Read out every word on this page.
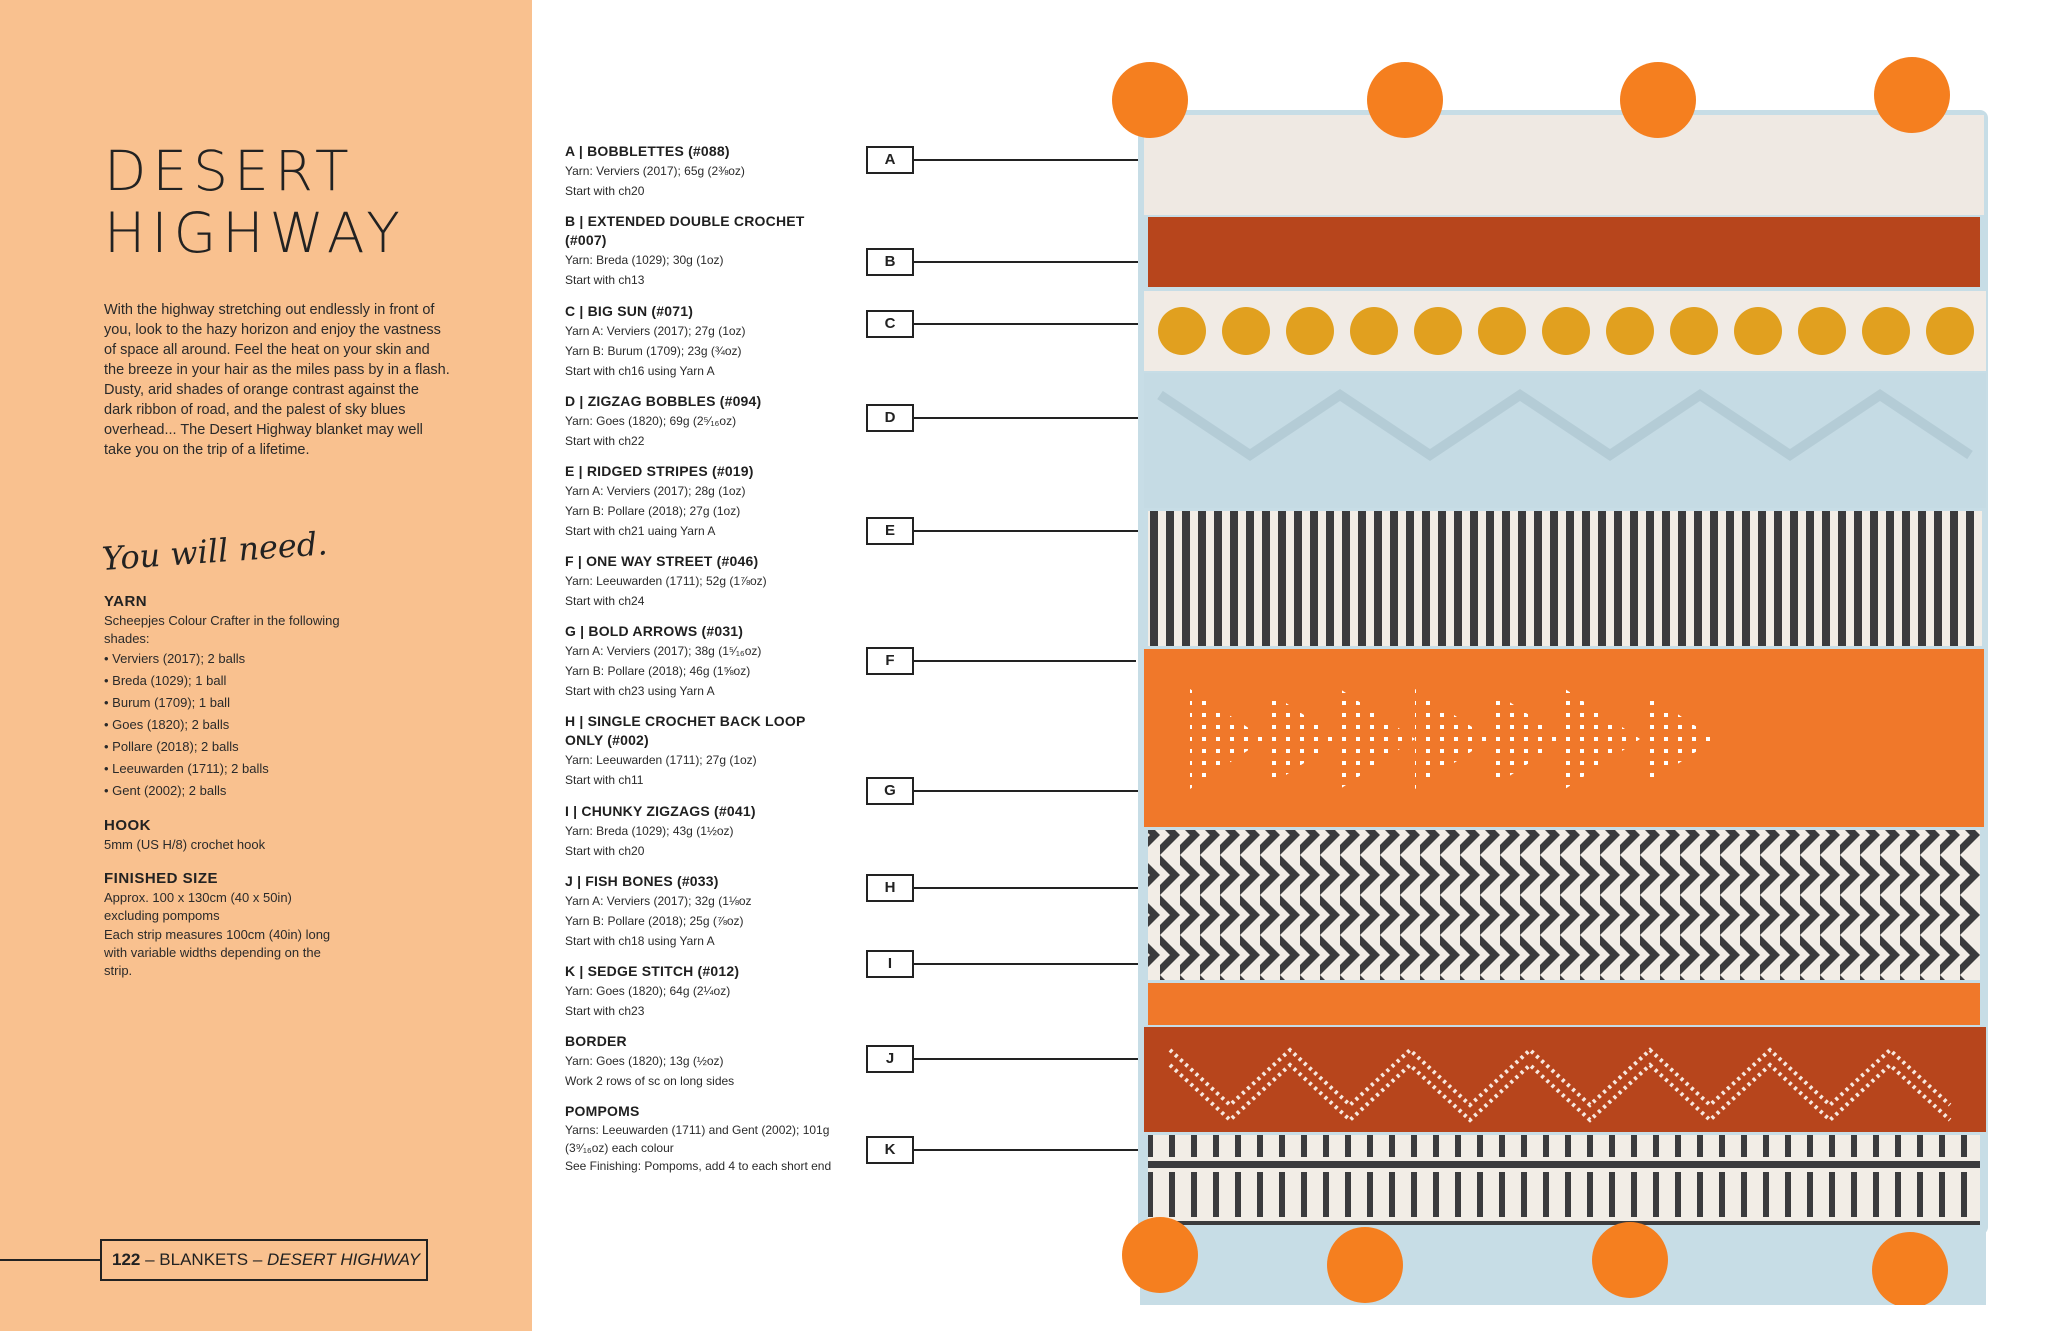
DESERT
HIGHWAY

With the highway stretching out endlessly in front of you, look to the hazy horizon and enjoy the vastness of space all around. Feel the heat on your skin and the breeze in your hair as the miles pass by in a flash. Dusty, arid shades of orange contrast against the dark ribbon of road, and the palest of sky blues overhead... The Desert Highway blanket may well take you on the trip of a lifetime.

You will need.
YARN
Scheepjes Colour Crafter in the following shades:
• Verviers (2017); 2 balls
• Breda (1029); 1 ball
• Burum (1709); 1 ball
• Goes (1820); 2 balls
• Pollare (2018); 2 balls
• Leeuwarden (1711); 2 balls
• Gent (2002); 2 balls
HOOK
5mm (US H/8) crochet hook
FINISHED SIZE
Approx. 100 x 130cm (40 x 50in) excluding pompoms
Each strip measures 100cm (40in) long with variable widths depending on the strip.
122 – BLANKETS – DESERT HIGHWAY
A | BOBBLETTES (#088)
Yarn: Verviers (2017); 65g (2⅜oz)
Start with ch20
B | EXTENDED DOUBLE CROCHET (#007)
Yarn: Breda (1029); 30g (1oz)
Start with ch13
C | BIG SUN (#071)
Yarn A: Verviers (2017); 27g (1oz)
Yarn B: Burum (1709); 23g (¾oz)
Start with ch16 using Yarn A
D | ZIGZAG BOBBLES (#094)
Yarn: Goes (1820); 69g (2⁵⁄₁₆oz)
Start with ch22
E | RIDGED STRIPES (#019)
Yarn A: Verviers (2017); 28g (1oz)
Yarn B: Pollare (2018); 27g (1oz)
Start with ch21 uaing Yarn A
F | ONE WAY STREET (#046)
Yarn: Leeuwarden (1711); 52g (1⅞oz)
Start with ch24
G | BOLD ARROWS (#031)
Yarn A: Verviers (2017); 38g (1⁵⁄₁₆oz)
Yarn B: Pollare (2018); 46g (1⅝oz)
Start with ch23 using Yarn A
H | SINGLE CROCHET BACK LOOP ONLY (#002)
Yarn: Leeuwarden (1711); 27g (1oz)
Start with ch11
I | CHUNKY ZIGZAGS (#041)
Yarn: Breda (1029); 43g (1½oz)
Start with ch20
J | FISH BONES (#033)
Yarn A: Verviers (2017); 32g (1⅛oz
Yarn B: Pollare (2018); 25g (⅞oz)
Start with ch18 using Yarn A
K | SEDGE STITCH (#012)
Yarn: Goes (1820); 64g (2¼oz)
Start with ch23
BORDER
Yarn: Goes (1820); 13g (½oz)
Work 2 rows of sc on long sides
POMPOMS
Yarns: Leeuwarden (1711) and Gent (2002); 101g (3⁹⁄₁₆oz) each colour
See Finishing: Pompoms, add 4 to each short end
A
B
C
D
E
F
G
H
I
J
K
